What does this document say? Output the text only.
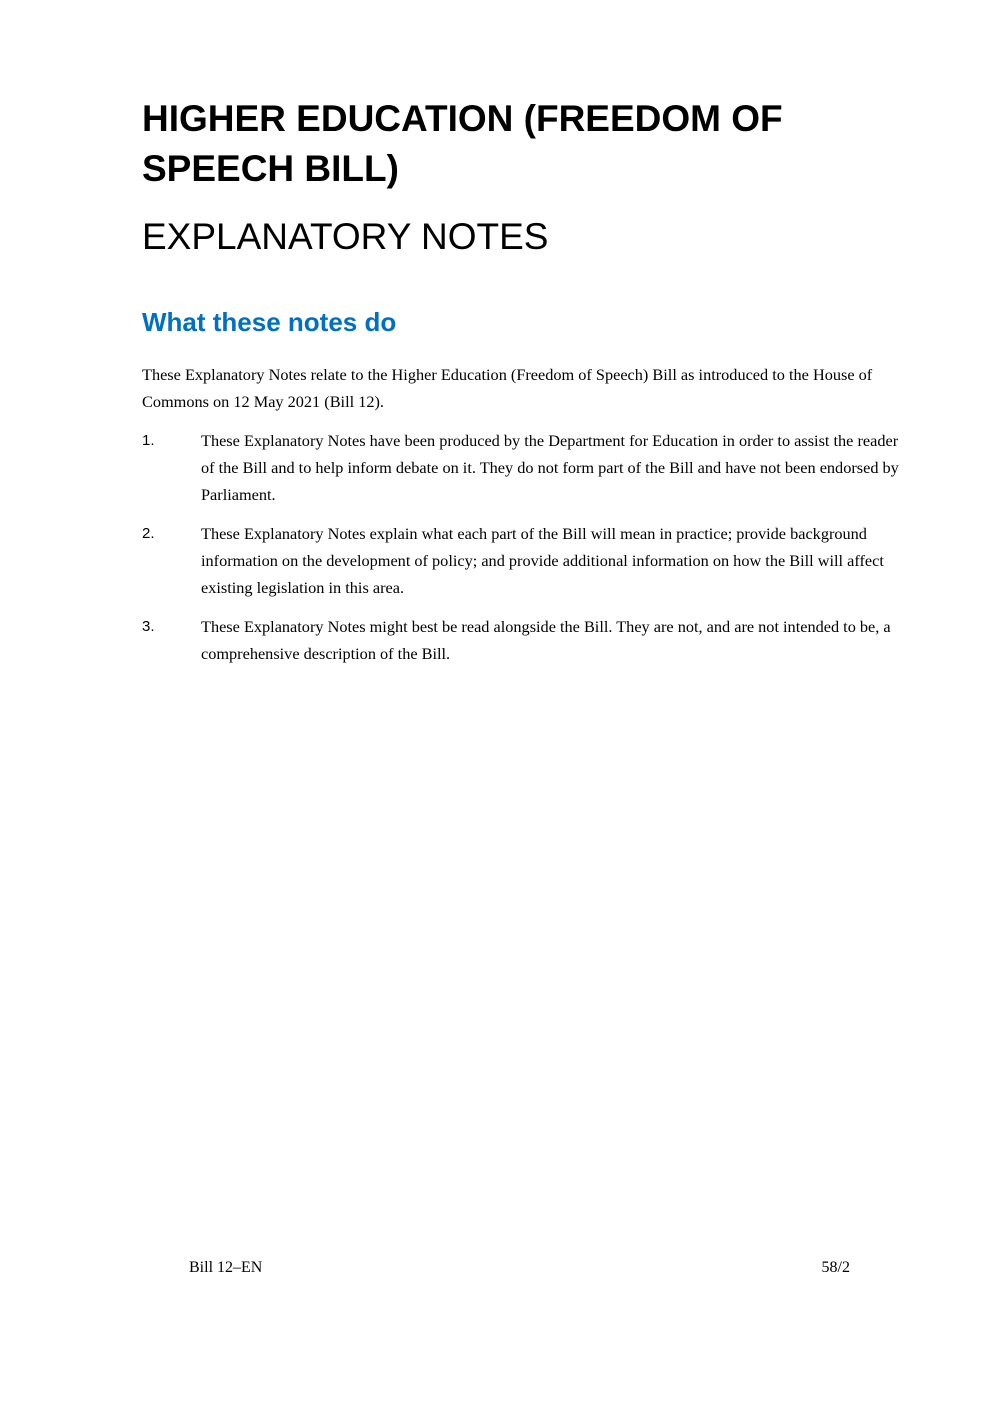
HIGHER EDUCATION (FREEDOM OF SPEECH BILL)
EXPLANATORY NOTES
What these notes do

These Explanatory Notes relate to the Higher Education (Freedom of Speech) Bill as introduced to the House of Commons on 12 May 2021 (Bill 12).

1.	These Explanatory Notes have been produced by the Department for Education in order to assist the reader of the Bill and to help inform debate on it. They do not form part of the Bill and have not been endorsed by Parliament.
2.	These Explanatory Notes explain what each part of the Bill will mean in practice; provide background information on the development of policy; and provide additional information on how the Bill will affect existing legislation in this area.
3.	These Explanatory Notes might best be read alongside the Bill. They are not, and are not intended to be, a comprehensive description of the Bill.
Bill 12–EN	58/2
